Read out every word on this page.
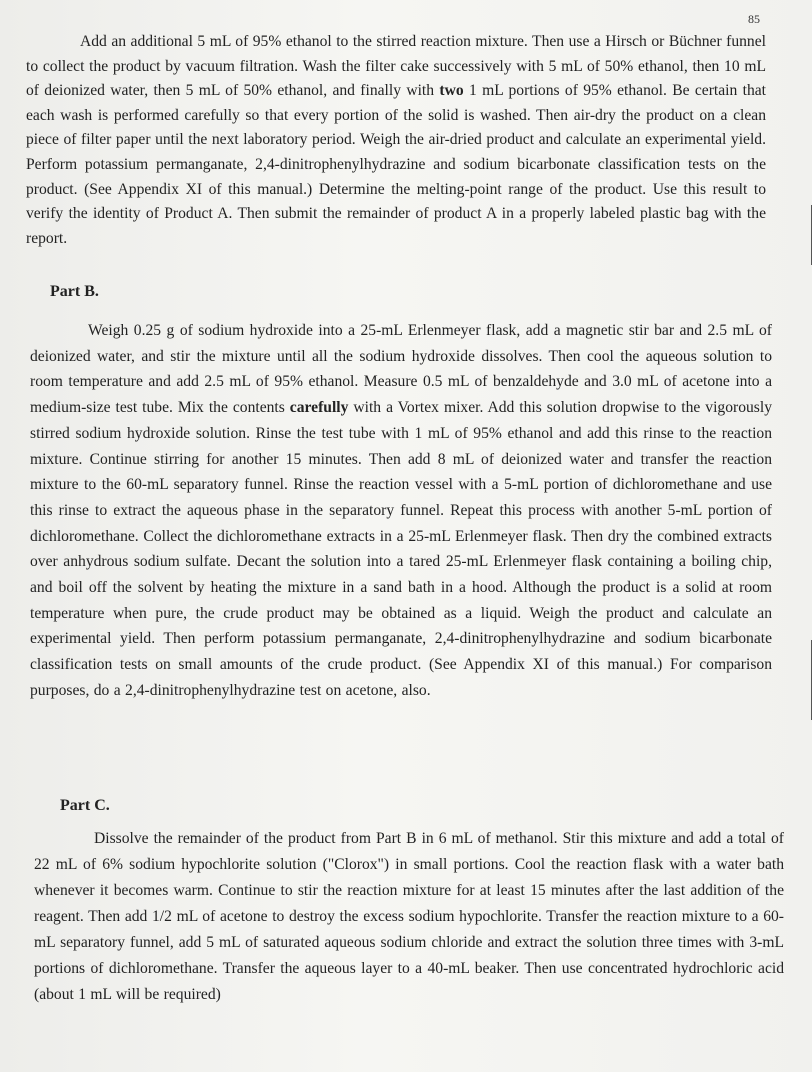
85

Add an additional 5 mL of 95% ethanol to the stirred reaction mixture. Then use a Hirsch or Büchner funnel to collect the product by vacuum filtration. Wash the filter cake successively with 5 mL of 50% ethanol, then 10 mL of deionized water, then 5 mL of 50% ethanol, and finally with two 1 mL portions of 95% ethanol. Be certain that each wash is performed carefully so that every portion of the solid is washed. Then air-dry the product on a clean piece of filter paper until the next laboratory period. Weigh the air-dried product and calculate an experimental yield. Perform potassium permanganate, 2,4-dinitrophenylhydrazine and sodium bicarbonate classification tests on the product. (See Appendix XI of this manual.) Determine the melting-point range of the product. Use this result to verify the identity of Product A. Then submit the remainder of product A in a properly labeled plastic bag with the report.

Part B.

Weigh 0.25 g of sodium hydroxide into a 25-mL Erlenmeyer flask, add a magnetic stir bar and 2.5 mL of deionized water, and stir the mixture until all the sodium hydroxide dissolves. Then cool the aqueous solution to room temperature and add 2.5 mL of 95% ethanol. Measure 0.5 mL of benzaldehyde and 3.0 mL of acetone into a medium-size test tube. Mix the contents carefully with a Vortex mixer. Add this solution dropwise to the vigorously stirred sodium hydroxide solution. Rinse the test tube with 1 mL of 95% ethanol and add this rinse to the reaction mixture. Continue stirring for another 15 minutes. Then add 8 mL of deionized water and transfer the reaction mixture to the 60-mL separatory funnel. Rinse the reaction vessel with a 5-mL portion of dichloromethane and use this rinse to extract the aqueous phase in the separatory funnel. Repeat this process with another 5-mL portion of dichloromethane. Collect the dichloromethane extracts in a 25-mL Erlenmeyer flask. Then dry the combined extracts over anhydrous sodium sulfate. Decant the solution into a tared 25-mL Erlenmeyer flask containing a boiling chip, and boil off the solvent by heating the mixture in a sand bath in a hood. Although the product is a solid at room temperature when pure, the crude product may be obtained as a liquid. Weigh the product and calculate an experimental yield. Then perform potassium permanganate, 2,4-dinitrophenylhydrazine and sodium bicarbonate classification tests on small amounts of the crude product. (See Appendix XI of this manual.) For comparison purposes, do a 2,4-dinitrophenylhydrazine test on acetone, also.

Part C.

Dissolve the remainder of the product from Part B in 6 mL of methanol. Stir this mixture and add a total of 22 mL of 6% sodium hypochlorite solution ("Clorox") in small portions. Cool the reaction flask with a water bath whenever it becomes warm. Continue to stir the reaction mixture for at least 15 minutes after the last addition of the reagent. Then add 1/2 mL of acetone to destroy the excess sodium hypochlorite. Transfer the reaction mixture to a 60-mL separatory funnel, add 5 mL of saturated aqueous sodium chloride and extract the solution three times with 3-mL portions of dichloromethane. Transfer the aqueous layer to a 40-mL beaker. Then use concentrated hydrochloric acid (about 1 mL will be required)
